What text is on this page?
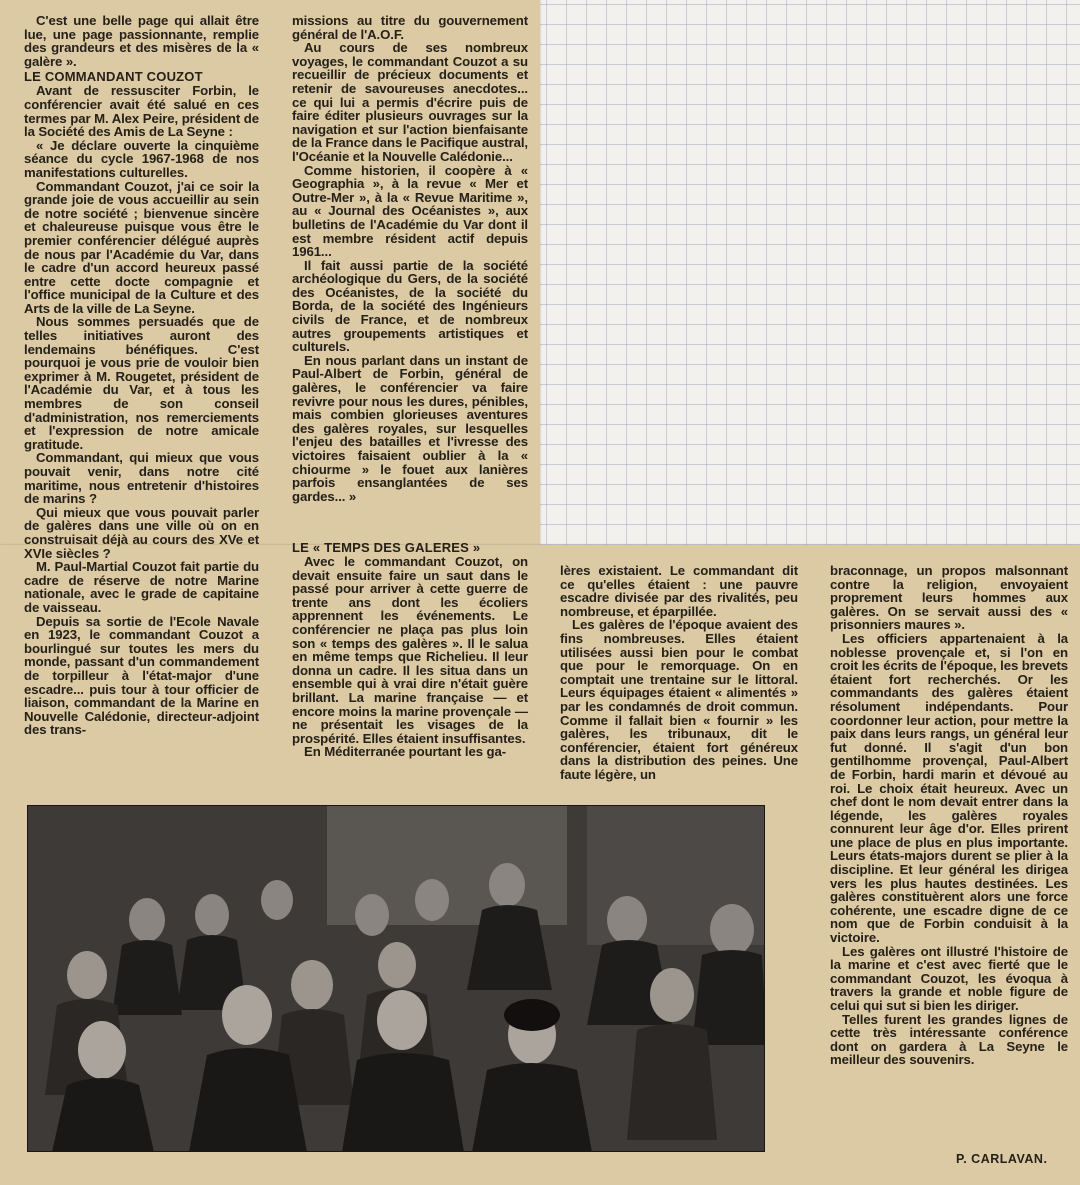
C'est une belle page qui allait être lue, une page passionnante, remplie des grandeurs et des misères de la « galère ».

LE COMMANDANT COUZOT

Avant de ressusciter Forbin, le conférencier avait été salué en ces termes par M. Alex Peire, président de la Société des Amis de La Seyne :

« Je déclare ouverte la cinquième séance du cycle 1967-1968 de nos manifestations culturelles.

Commandant Couzot, j'ai ce soir la grande joie de vous accueillir au sein de notre société ; bienvenue sincère et chaleureuse puisque vous être le premier conférencier délégué auprès de nous par l'Académie du Var, dans le cadre d'un accord heureux passé entre cette docte compagnie et l'office municipal de la Culture et des Arts de la ville de La Seyne.

Nous sommes persuadés que de telles initiatives auront des lendemains bénéfiques. C'est pourquoi je vous prie de vouloir bien exprimer à M. Rougetet, président de l'Académie du Var, et à tous les membres de son conseil d'administration, nos remerciements et l'expression de notre amicale gratitude.

Commandant, qui mieux que vous pouvait venir, dans notre cité maritime, nous entretenir d'histoires de marins ?

Qui mieux que vous pouvait parler de galères dans une ville où on en construisait déjà au cours des XVe et XVIe siècles ?

M. Paul-Martial Couzot fait partie du cadre de réserve de notre Marine nationale, avec le grade de capitaine de vaisseau.

Depuis sa sortie de l'Ecole Navale en 1923, le commandant Couzot a bourlingué sur toutes les mers du monde, passant d'un commandement de torpilleur à l'état-major d'une escadre... puis tour à tour officier de liaison, commandant de la Marine en Nouvelle Calédonie, directeur-adjoint des trans-

missions au titre du gouvernement général de l'A.O.F.

Au cours de ses nombreux voyages, le commandant Couzot a su recueillir de précieux documents et retenir de savoureuses anecdotes... ce qui lui a permis d'écrire puis de faire éditer plusieurs ouvrages sur la navigation et sur l'action bienfaisante de la France dans le Pacifique austral, l'Océanie et la Nouvelle Calédonie...

Comme historien, il coopère à « Geographia », à la revue « Mer et Outre-Mer », à la « Revue Maritime », au « Journal des Océanistes », aux bulletins de l'Académie du Var dont il est membre résident actif depuis 1961...

Il fait aussi partie de la société archéologique du Gers, de la société des Océanistes, de la société du Borda, de la société des Ingénieurs civils de France, et de nombreux autres groupements artistiques et culturels.

En nous parlant dans un instant de Paul-Albert de Forbin, général de galères, le conférencier va faire revivre pour nous les dures, pénibles, mais combien glorieuses aventures des galères royales, sur lesquelles l'enjeu des batailles et l'ivresse des victoires faisaient oublier à la « chiourme » le fouet aux lanières parfois ensanglantées de ses gardes... »

LE « TEMPS DES GALERES »

Avec le commandant Couzot, on devait ensuite faire un saut dans le passé pour arriver à cette guerre de trente ans dont les écoliers apprennent les événements. Le conférencier ne plaça pas plus loin son « temps des galères ». Il le salua en même temps que Richelieu. Il leur donna un cadre. Il les situa dans un ensemble qui à vrai dire n'était guère brillant. La marine française — et encore moins la marine provençale — ne présentait les visages de la prospérité. Elles étaient insuffisantes.

En Méditerranée pourtant les ga-

lères existaient. Le commandant dit ce qu'elles étaient : une pauvre escadre divisée par des rivalités, peu nombreuse, et éparpillée.

Les galères de l'époque avaient des fins nombreuses. Elles étaient utilisées aussi bien pour le combat que pour le remorquage. On en comptait une trentaine sur le littoral. Leurs équipages étaient « alimentés » par les condamnés de droit commun. Comme il fallait bien « fournir » les galères, les tribunaux, dit le conférencier, étaient fort généreux dans la distribution des peines. Une faute légère, un

braconnage, un propos malsonnant contre la religion, envoyaient proprement leurs hommes aux galères. On se servait aussi des « prisonniers maures ».

Les officiers appartenaient à la noblesse provençale et, si l'on en croit les écrits de l'époque, les brevets étaient fort recherchés. Or les commandants des galères étaient résolument indépendants. Pour coordonner leur action, pour mettre la paix dans leurs rangs, un général leur fut donné. Il s'agit d'un bon gentilhomme provençal, Paul-Albert de Forbin, hardi marin et dévoué au roi. Le choix était heureux. Avec un chef dont le nom devait entrer dans la légende, les galères royales connurent leur âge d'or. Elles prirent une place de plus en plus importante. Leurs états-majors durent se plier à la discipline. Et leur général les dirigea vers les plus hautes destinées. Les galères constituèrent alors une force cohérente, une escadre digne de ce nom que de Forbin conduisit à la victoire.

Les galères ont illustré l'histoire de la marine et c'est avec fierté que le commandant Couzot, les évoqua à travers la grande et noble figure de celui qui sut si bien les diriger.

Telles furent les grandes lignes de cette très intéressante conférence dont on gardera à La Seyne le meilleur des souvenirs.

P. CARLAVAN.
